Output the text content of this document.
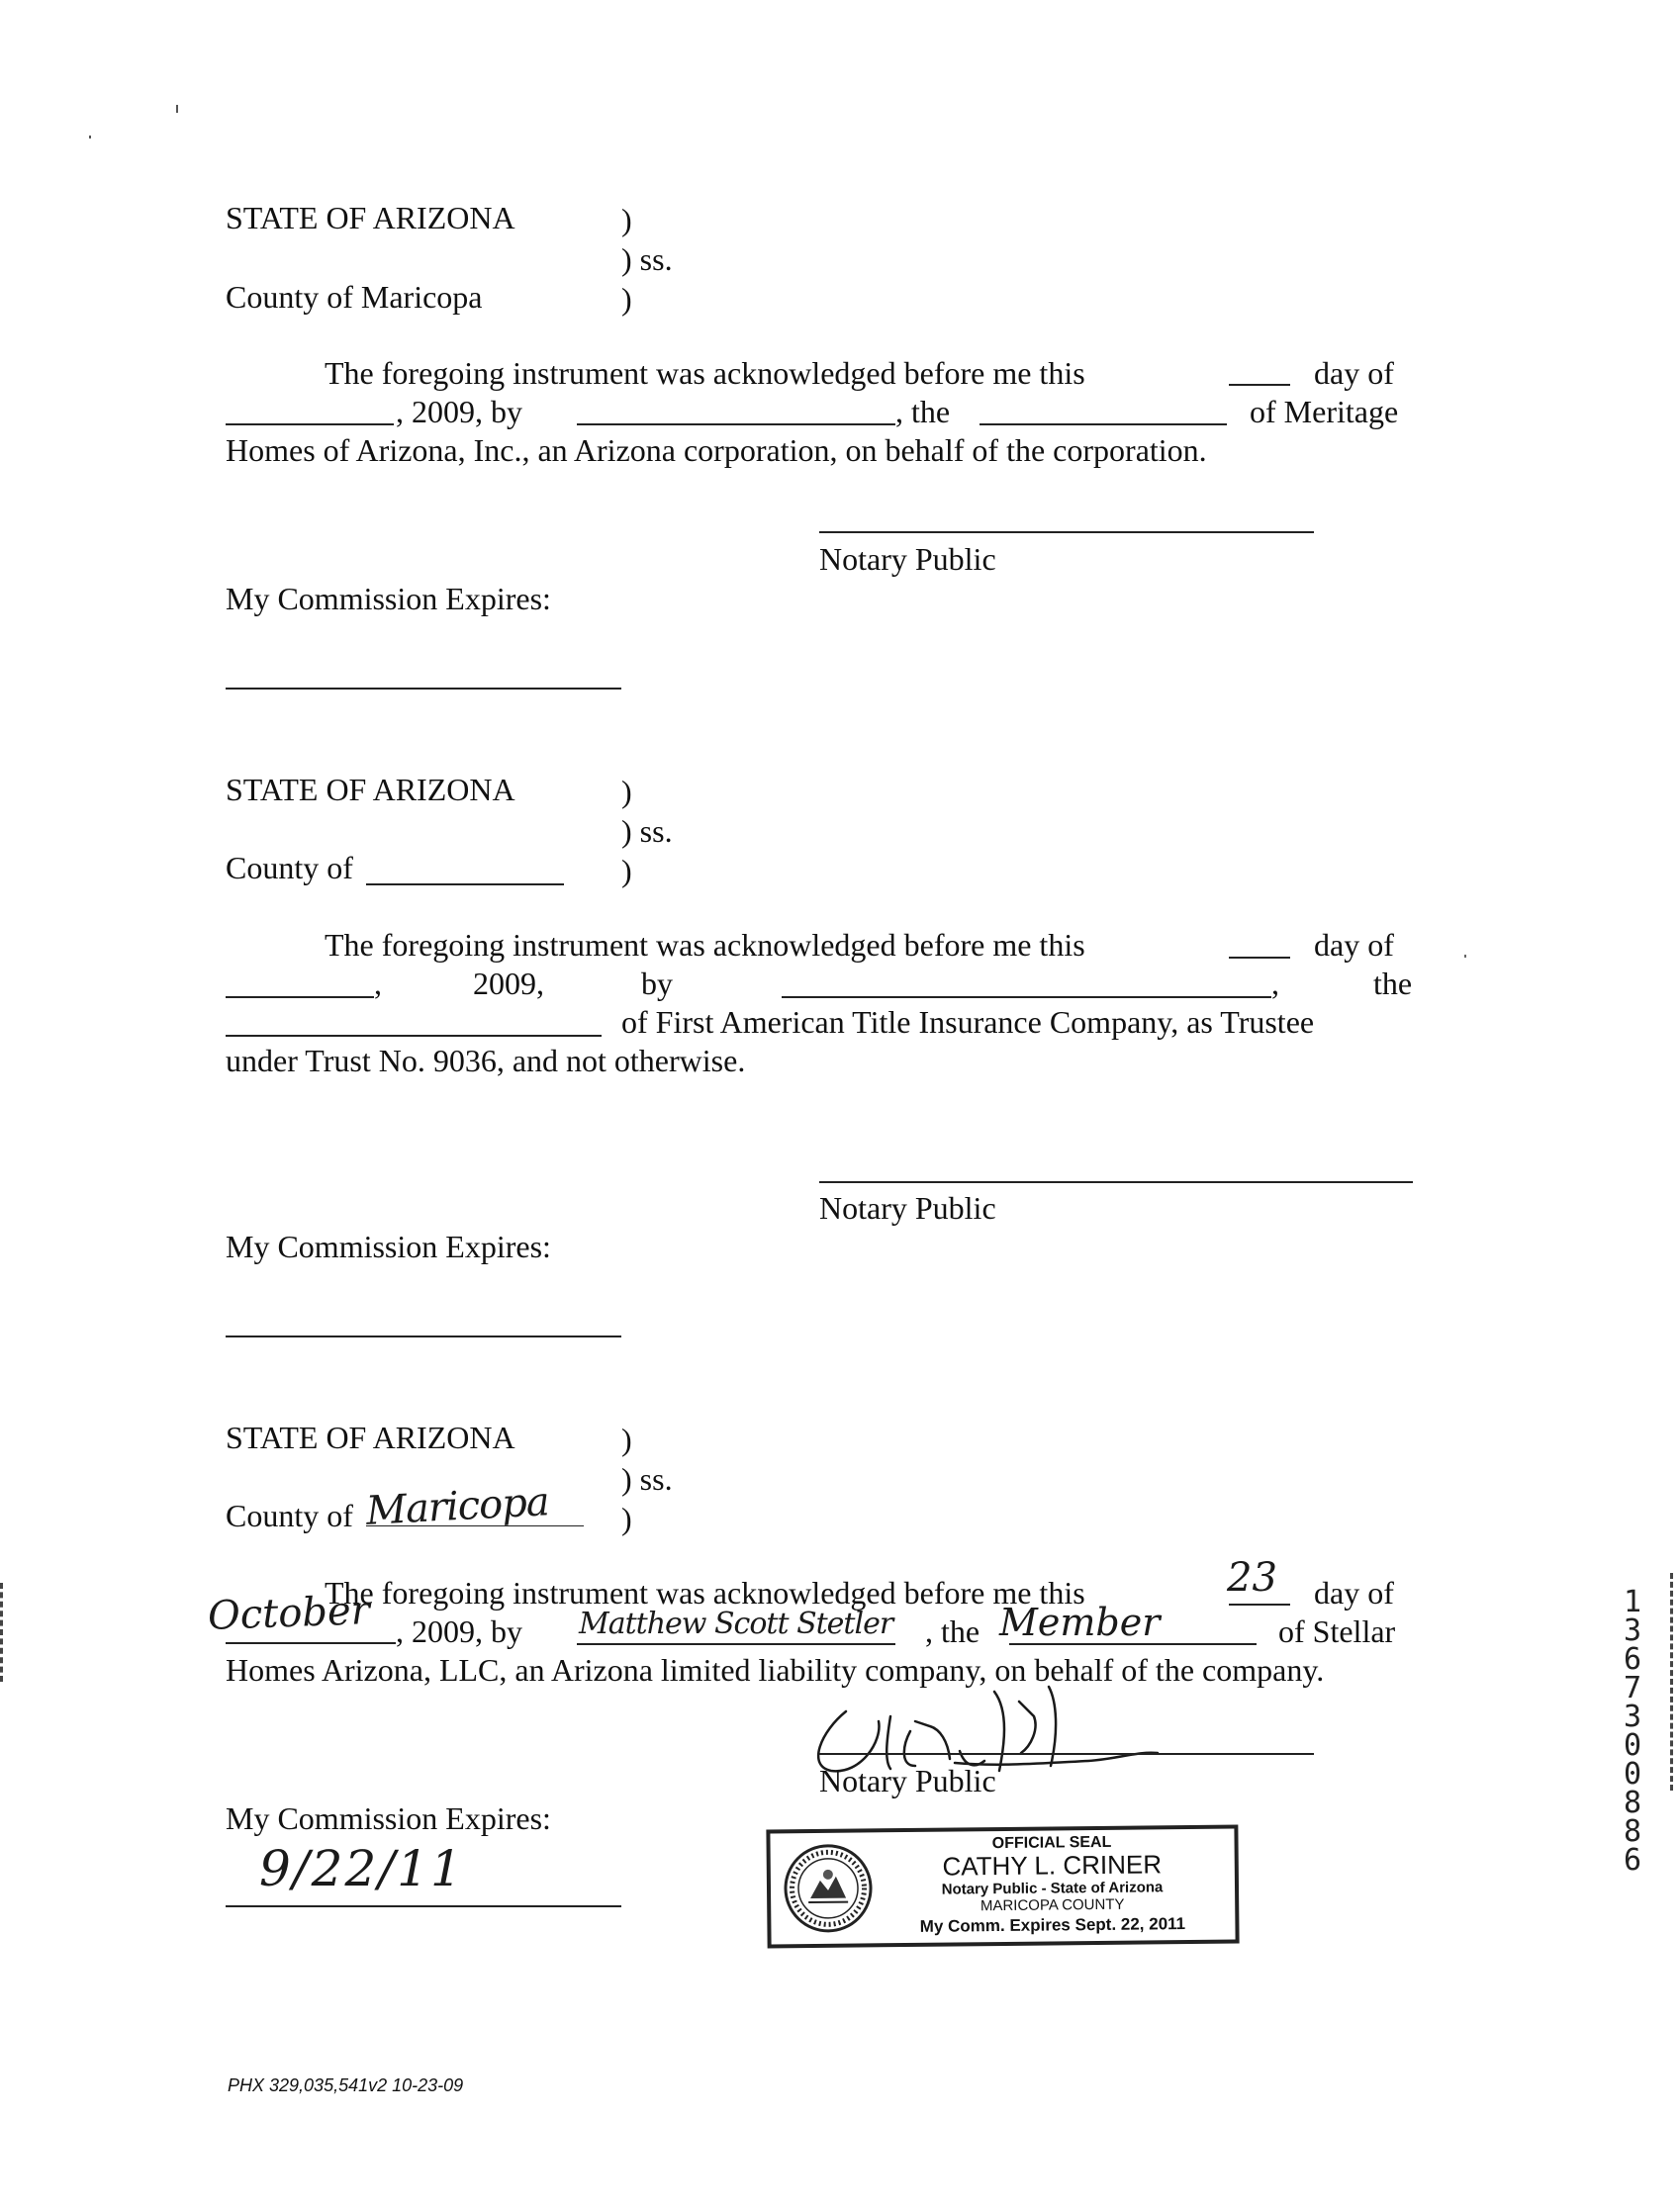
STATE OF ARIZONA	)
) ss.
County of Maricopa	)
The foregoing instrument was acknowledged before me this	day of
, 2009, by	, the	of Meritage
Homes of Arizona, Inc., an Arizona corporation, on behalf of the corporation.
Notary Public
My Commission Expires:
STATE OF ARIZONA	)
) ss.
County of	)
The foregoing instrument was acknowledged before me this	day of
,	2009,	by	,	the
of First American Title Insurance Company, as Trustee
under Trust No. 9036, and not otherwise.
Notary Public
My Commission Expires:
STATE OF ARIZONA	)
) ss.
County of Maricopa )
The foregoing instrument was acknowledged before me this	23 day of
October , 2009, by Matthew Scott Stetler , the Member	of Stellar
Homes Arizona, LLC, an Arizona limited liability company, on behalf of the company.
Notary Public
My Commission Expires:
9/22/11	OFFICIAL SEAL
CATHY L. CRINER
Notary Public - State of Arizona
MARICOPA COUNTY
My Comm. Expires Sept. 22, 2011
1367300886
PHX 329,035,541v2 10-23-09
